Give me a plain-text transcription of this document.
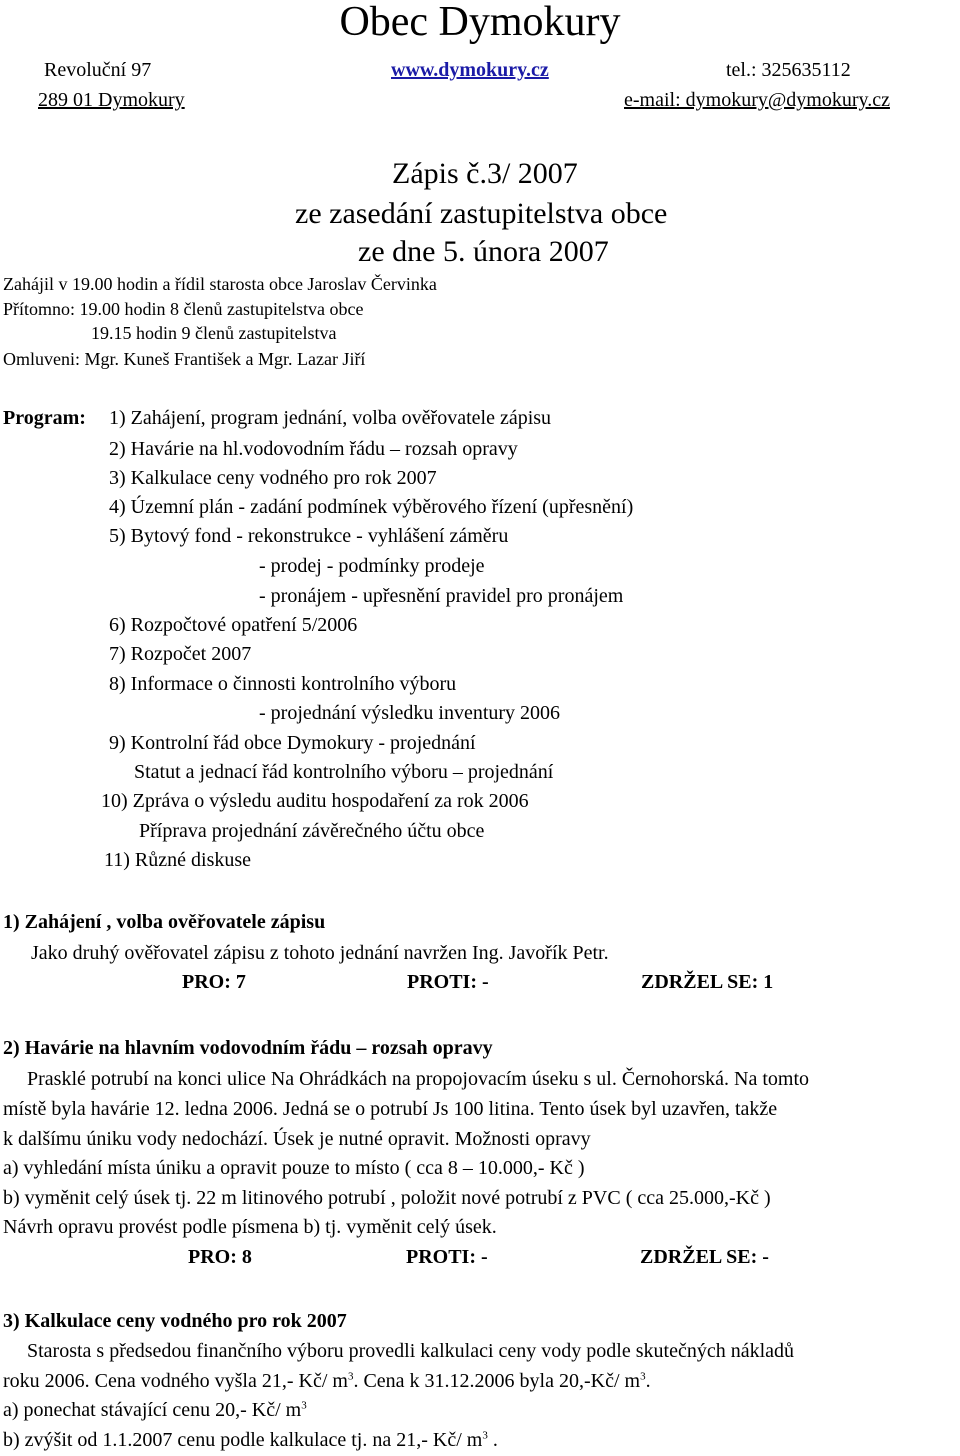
Obec Dymokury
Revoluční 97	www.dymokury.cz	tel.: 325635112
289 01 Dymokury	e-mail: dymokury@dymokury.cz
Zápis č.3/ 2007
ze zasedání zastupitelstva obce
ze dne 5. února 2007
Zahájil v 19.00 hodin a řídil starosta obce Jaroslav Červinka
Přítomno: 19.00 hodin 8 členů zastupitelstva obce
19.15 hodin 9 členů zastupitelstva
Omluveni: Mgr. Kuneš František a Mgr. Lazar Jiří
Program: 1) Zahájení, program jednání, volba ověřovatele zápisu
2) Havárie na hl.vodovodním řádu – rozsah opravy
3) Kalkulace ceny vodného pro rok 2007
4) Územní plán - zadání podmínek výběrového řízení (upřesnění)
5) Bytový fond - rekonstrukce - vyhlášení záměru
- prodej - podmínky prodeje
- pronájem - upřesnění pravidel pro pronájem
6) Rozpočtové opatření 5/2006
7) Rozpočet 2007
8) Informace o činnosti kontrolního výboru
- projednání výsledku inventury 2006
9) Kontrolní řád obce Dymokury - projednání
Statut a jednací řád kontrolního výboru – projednání
10) Zpráva o výsledu auditu hospodaření za rok 2006
Příprava projednání závěrečného účtu obce
11) Různé diskuse
1) Zahájení , volba ověřovatele zápisu
Jako druhý ověřovatel zápisu z tohoto jednání navržen Ing. Javořík Petr.
PRO: 7	PROTI: -	ZDRŽEL SE: 1
2) Havárie na hlavním vodovodním řádu – rozsah opravy
Prasklé potrubí na konci ulice Na Ohrádkách na propojovacím úseku s ul. Černohorská. Na tomto
místě byla havárie 12. ledna 2006. Jedná se o potrubí Js 100 litina. Tento úsek byl uzavřen, takže
k dalšímu úniku vody nedochází. Úsek je nutné opravit. Možnosti opravy
a) vyhledání místa úniku a opravit pouze to místo ( cca 8 – 10.000,- Kč )
b) vyměnit celý úsek tj. 22 m litinového potrubí , položit nové potrubí z PVC ( cca 25.000,-Kč )
Návrh opravu provést podle písmena b) tj. vyměnit celý úsek.
PRO: 8	PROTI: -	ZDRŽEL SE: -
3) Kalkulace ceny vodného pro rok 2007
Starosta s předsedou finančního výboru provedli kalkulaci ceny vody podle skutečných nákladů
roku 2006. Cena vodného vyšla 21,- Kč/ $m^3$. Cena k 31.12.2006 byla 20,-Kč/ $m^3$.
a) ponechat stávající cenu 20,- Kč/ $m^3$
b) zvýšit od 1.1.2007 cenu podle kalkulace tj. na 21,- Kč/ $m^3$ .
